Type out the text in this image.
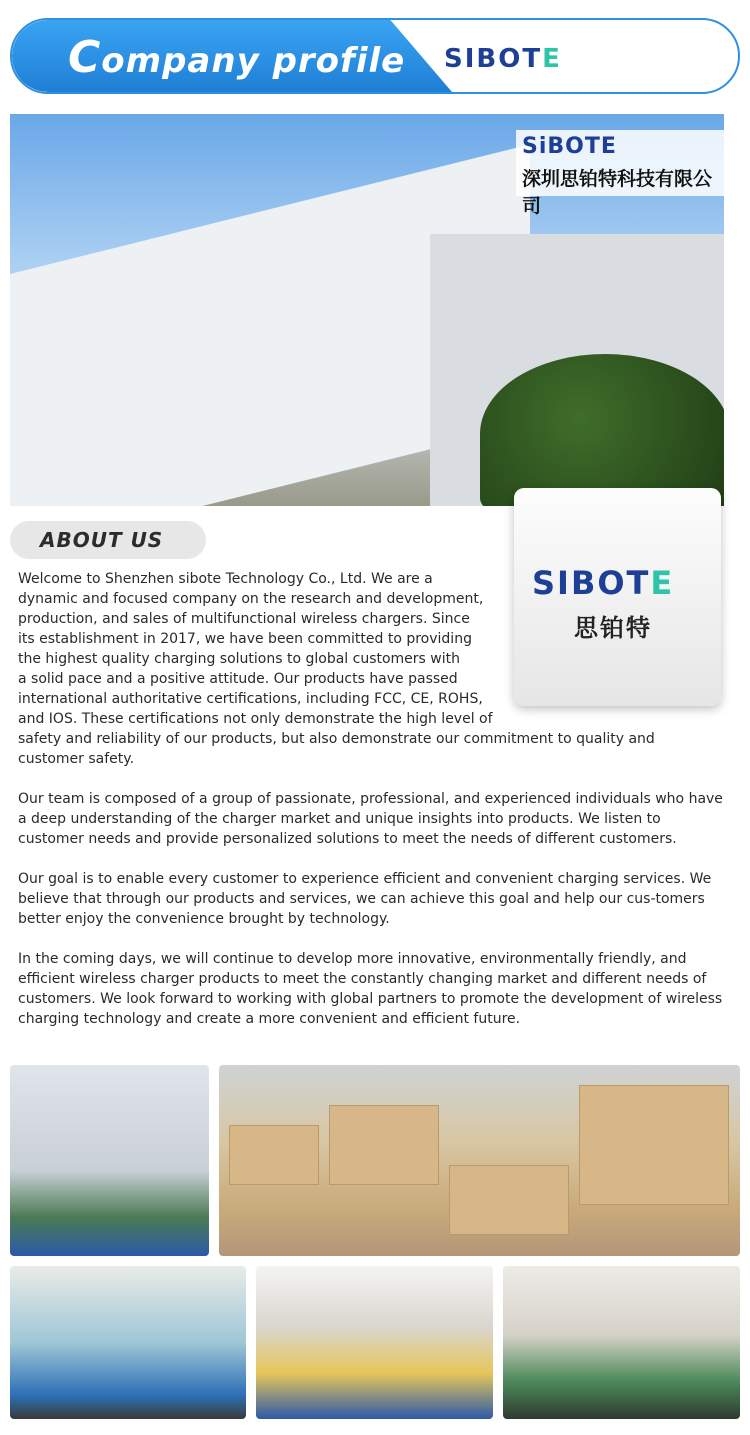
Company profile SIBOTE
SiBOTE
深圳思铂特科技有限公司
ABOUT US
SIBOTE
思铂特

Welcome to Shenzhen sibote Technology Co., Ltd. We are a
dynamic and focused company on the research and development,
production, and sales of multifunctional wireless chargers. Since
its establishment in 2017, we have been committed to providing
the highest quality charging solutions to global customers with
a solid pace and a positive attitude. Our products have passed
international authoritative certifications, including FCC, CE, ROHS,
and IOS. These certifications not only demonstrate the high level of
safety and reliability of our products, but also demonstrate our commitment to quality and
customer safety.

Our team is composed of a group of passionate, professional, and experienced individuals who have a deep understanding of the charger market and unique insights into products. We listen to customer needs and provide personalized solutions to meet the needs of different customers.

Our goal is to enable every customer to experience efficient and convenient charging services. We believe that through our products and services, we can achieve this goal and help our cus-tomers better enjoy the convenience brought by technology.

In the coming days, we will continue to develop more innovative, environmentally friendly, and efficient wireless charger products to meet the constantly changing market and different needs of customers. We look forward to working with global partners to promote the development of wireless charging technology and create a more convenient and efficient future.
